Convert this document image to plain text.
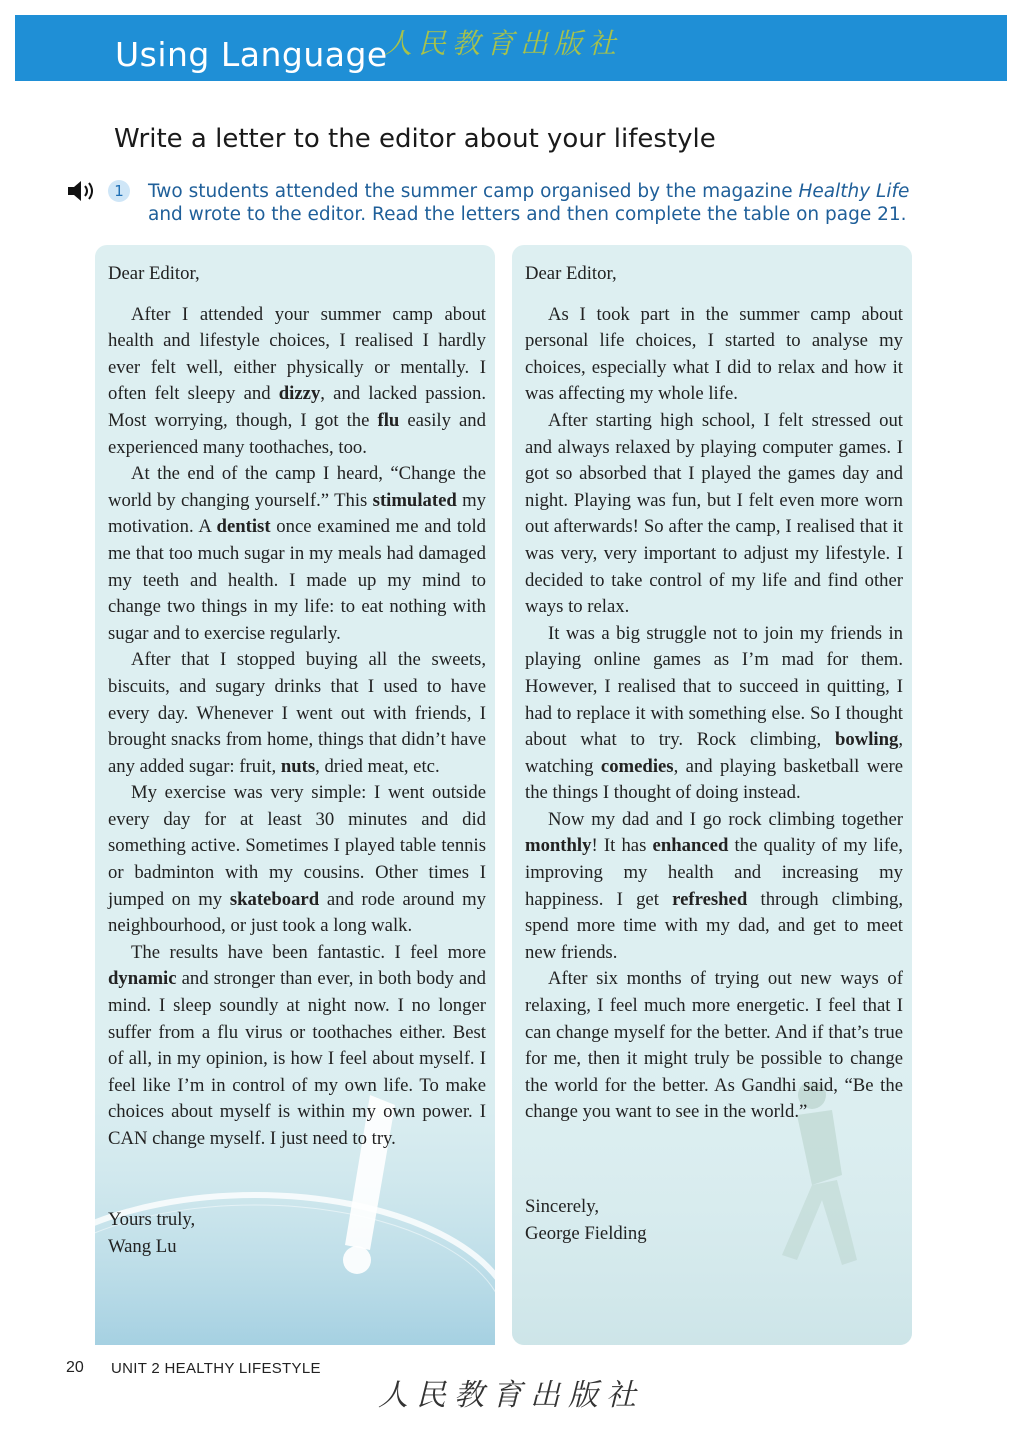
Using Language
人民教育出版社
Write a letter to the editor about your lifestyle
1	Two students attended the summer camp organised by the magazine Healthy Life and wrote to the editor. Read the letters and then complete the table on page 21.

Dear Editor,

After I attended your summer camp about health and lifestyle choices, I realised I hardly ever felt well, either physically or mentally. I often felt sleepy and dizzy, and lacked passion. Most worrying, though, I got the flu easily and experienced many toothaches, too.

At the end of the camp I heard, “Change the world by changing yourself.” This stimulated my motivation. A dentist once examined me and told me that too much sugar in my meals had damaged my teeth and health. I made up my mind to change two things in my life: to eat nothing with sugar and to exercise regularly.

After that I stopped buying all the sweets, biscuits, and sugary drinks that I used to have every day. Whenever I went out with friends, I brought snacks from home, things that didn’t have any added sugar: fruit, nuts, dried meat, etc.

My exercise was very simple: I went outside every day for at least 30 minutes and did something active. Sometimes I played table tennis or badminton with my cousins. Other times I jumped on my skateboard and rode around my neighbourhood, or just took a long walk.

The results have been fantastic. I feel more dynamic and stronger than ever, in both body and mind. I sleep soundly at night now. I no longer suffer from a flu virus or toothaches either. Best of all, in my opinion, is how I feel about myself. I feel like I’m in control of my own life. To make choices about myself is within my own power. I CAN change myself. I just need to try.

Yours truly,
Wang Lu

Dear Editor,

As I took part in the summer camp about personal life choices, I started to analyse my choices, especially what I did to relax and how it was affecting my whole life.

After starting high school, I felt stressed out and always relaxed by playing computer games. I got so absorbed that I played the games day and night. Playing was fun, but I felt even more worn out afterwards! So after the camp, I realised that it was very, very important to adjust my lifestyle. I decided to take control of my life and find other ways to relax.

It was a big struggle not to join my friends in playing online games as I’m mad for them. However, I realised that to succeed in quitting, I had to replace it with something else. So I thought about what to try. Rock climbing, bowling, watching comedies, and playing basketball were the things I thought of doing instead.

Now my dad and I go rock climbing together monthly! It has enhanced the quality of my life, improving my health and increasing my happiness. I get refreshed through climbing, spend more time with my dad, and get to meet new friends.

After six months of trying out new ways of relaxing, I feel much more energetic. I feel that I can change myself for the better. And if that’s true for me, then it might truly be possible to change the world for the better. As Gandhi said, “Be the change you want to see in the world.”

Sincerely,
George Fielding
20 UNIT 2 HEALTHY LIFESTYLE
人民教育出版社
